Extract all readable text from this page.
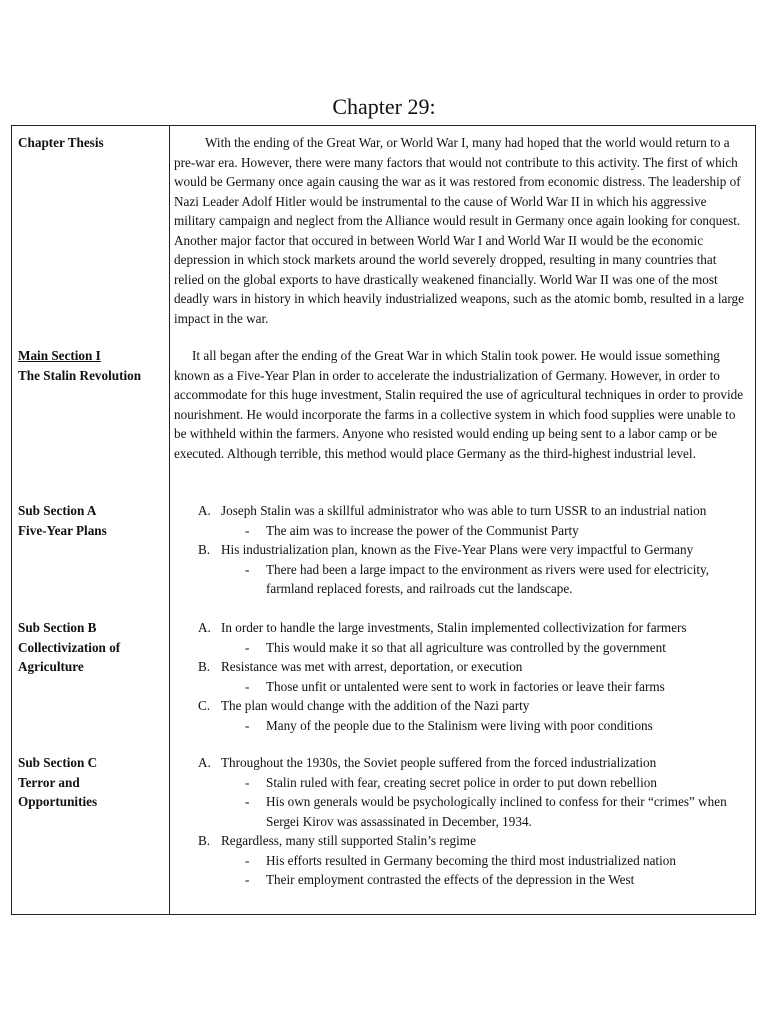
Chapter 29:
Chapter Thesis	With the ending of the Great War, or World War I, many had hoped that the world would return to a pre-war era. However, there were many factors that would not contribute to this activity. The first of which would be Germany once again causing the war as it was restored from economic distress. The leadership of Nazi Leader Adolf Hitler would be instrumental to the cause of World War II in which his aggressive military campaign and neglect from the Alliance would result in Germany once again looking for conquest. Another major factor that occured in between World War I and World War II would be the economic depression in which stock markets around the world severely dropped, resulting in many countries that relied on the global exports to have drastically weakened financially. World War II was one of the most deadly wars in history in which heavily industrialized weapons, such as the atomic bomb, resulted in a large impact in the war.

Main Section I
The Stalin Revolution

It all began after the ending of the Great War in which Stalin took power. He would issue something known as a Five-Year Plan in order to accelerate the industrialization of Germany. However, in order to accommodate for this huge investment, Stalin required the use of agricultural techniques in order to provide nourishment. He would incorporate the farms in a collective system in which food supplies were unable to be withheld within the farmers. Anyone who resisted would ending up being sent to a labor camp or be executed. Although terrible, this method would place Germany as the third-highest industrial level.

Sub Section A
Five-Year Plans
A. Joseph Stalin was a skillful administrator who was able to turn USSR to an industrial nation
- The aim was to increase the power of the Communist Party
B. His industrialization plan, known as the Five-Year Plans were very impactful to Germany
- There had been a large impact to the environment as rivers were used for electricity, farmland replaced forests, and railroads cut the landscape.
Sub Section B
Collectivization of
Agriculture
A. In order to handle the large investments, Stalin implemented collectivization for farmers
- This would make it so that all agriculture was controlled by the government
B. Resistance was met with arrest, deportation, or execution
- Those unfit or untalented were sent to work in factories or leave their farms
C. The plan would change with the addition of the Nazi party
- Many of the people due to the Stalinism were living with poor conditions
Sub Section C
Terror and
Opportunities
A. Throughout the 1930s, the Soviet people suffered from the forced industrialization
- Stalin ruled with fear, creating secret police in order to put down rebellion
- His own generals would be psychologically inclined to confess for their “crimes” when Sergei Kirov was assassinated in December, 1934.
B. Regardless, many still supported Stalin’s regime
- His efforts resulted in Germany becoming the third most industrialized nation
- Their employment contrasted the effects of the depression in the West
